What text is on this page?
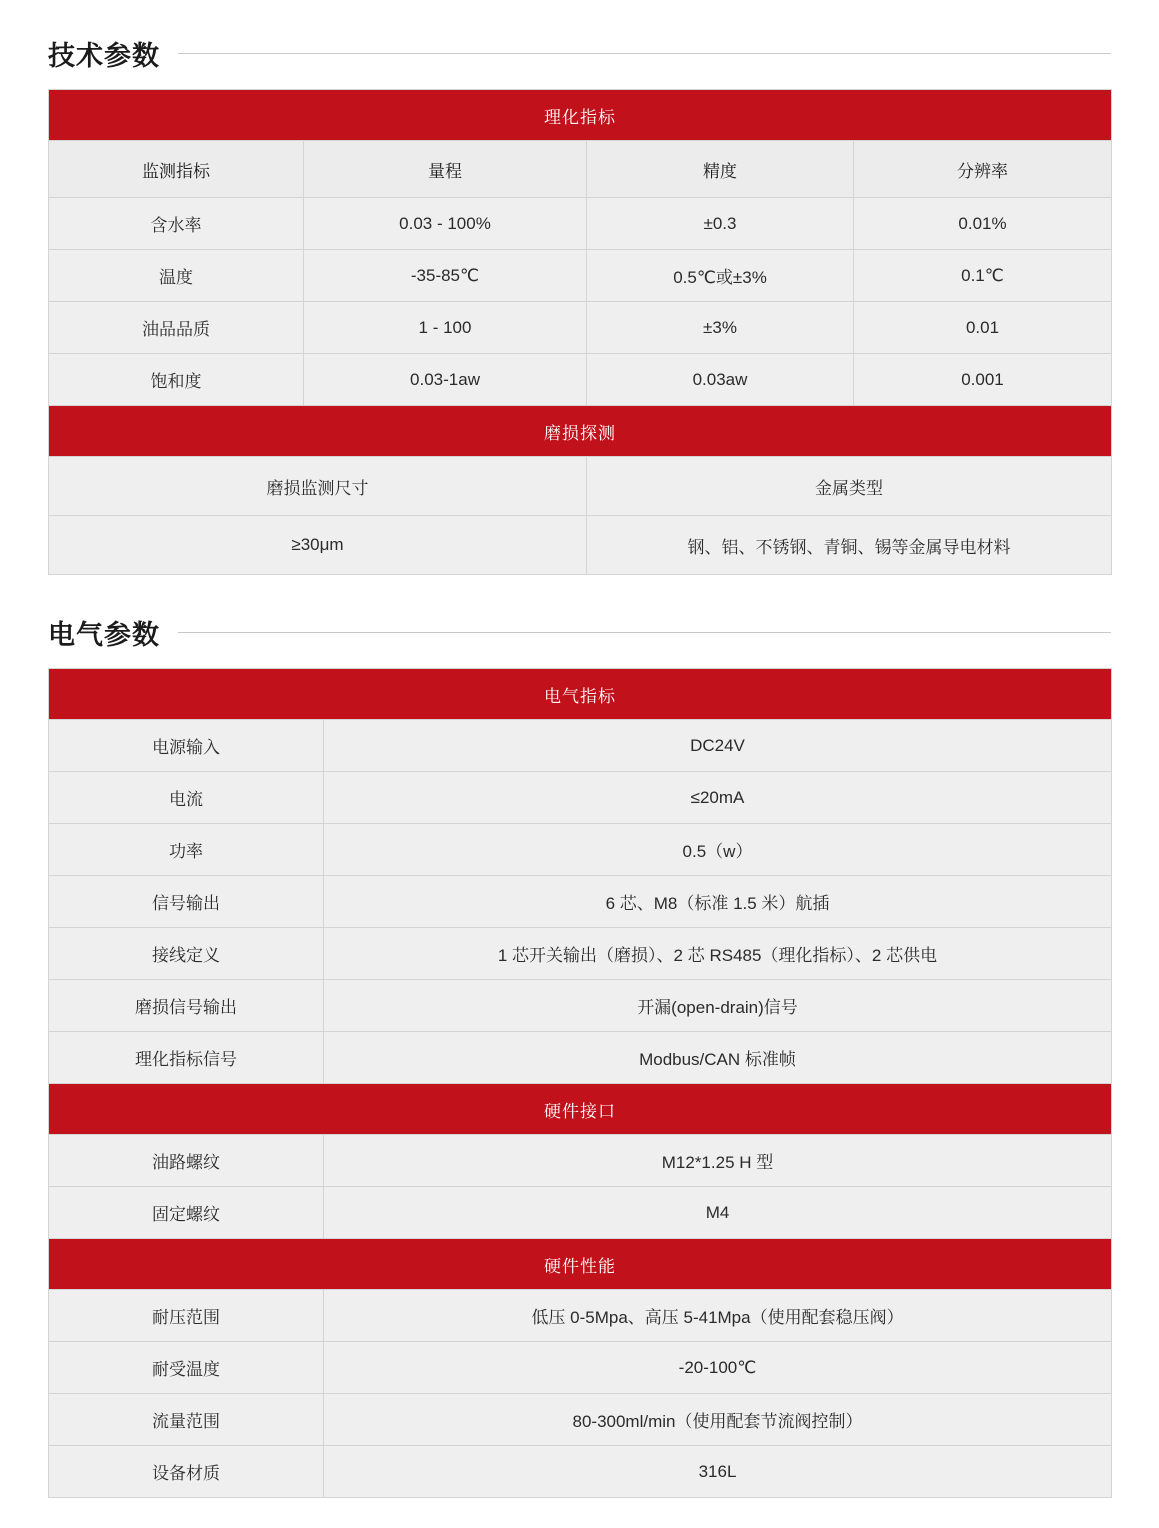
技术参数
理化指标			
监测指标	量程	精度	分辨率
含水率	0.03 - 100%	±0.3	0.01%
温度	-35-85℃	0.5℃或±3%	0.1℃
油品品质	1 - 100	±3%	0.01
饱和度	0.03-1aw	0.03aw	0.001
磨损探测			
磨损监测尺寸		金属类型	
≥30μm		钢、铝、不锈钢、青铜、锡等金属导电材料	
电气参数
电气指标	
电源输入	DC24V
电流	≤20mA
功率	0.5（w）
信号输出	6 芯、M8（标准 1.5 米）航插
接线定义	1 芯开关输出（磨损）、2 芯 RS485（理化指标）、2 芯供电
磨损信号输出	开漏(open-drain)信号
理化指标信号	Modbus/CAN 标准帧
硬件接口	
油路螺纹	M12*1.25 H 型
固定螺纹	M4
硬件性能	
耐压范围	低压 0-5Mpa、高压 5-41Mpa（使用配套稳压阀）
耐受温度	-20-100℃
流量范围	80-300ml/min（使用配套节流阀控制）
设备材质	316L
